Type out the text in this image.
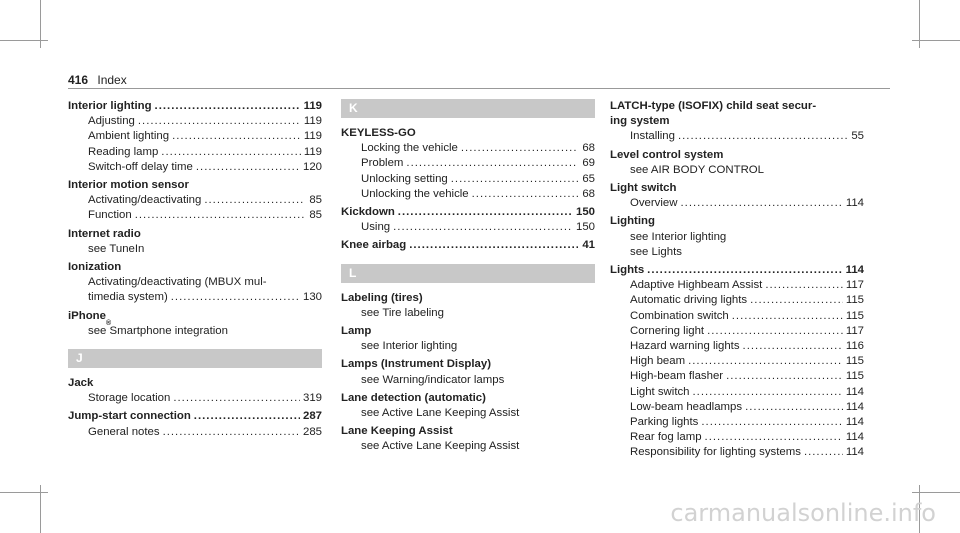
416 Index
Interior lighting .....	119
Adjusting .....	119
Ambient lighting .....	119
Reading lamp .....	119
Switch-off delay time .....	120
Interior motion sensor
Activating/deactivating .....	85
Function .....	85
Internet radio
see TuneIn
Ionization
Activating/deactivating (MBUX mul-
timedia system) .....	130
iPhone
®
see Smartphone integration
J
Jack
Storage location .....	319
Jump-start connection .....	287
General notes .....	285
K
KEYLESS-GO
Locking the vehicle .....	68
Problem .....	69
Unlocking setting .....	65
Unlocking the vehicle .....	68
Kickdown .....	150
Using .....	150
Knee airbag .....	41
L
Labeling (tires)
see Tire labeling
Lamp
see Interior lighting
Lamps (Instrument Display)
see Warning/indicator lamps
Lane detection (automatic)
see Active Lane Keeping Assist
Lane Keeping Assist
see Active Lane Keeping Assist
LATCH-type (ISOFIX) child seat secur-
ing system
Installing .....	55
Level control system
see AIR BODY CONTROL
Light switch
Overview .....	114
Lighting
see Interior lighting
see Lights
Lights .....	114
Adaptive Highbeam Assist .....	117
Automatic driving lights .....	115
Combination switch .....	115
Cornering light .....	117
Hazard warning lights .....	116
High beam .....	115
High-beam flasher .....	115
Light switch .....	114
Low-beam headlamps .....	114
Parking lights .....	114
Rear fog lamp .....	114
Responsibility for lighting systems .....	114
carmanualsonline.info
